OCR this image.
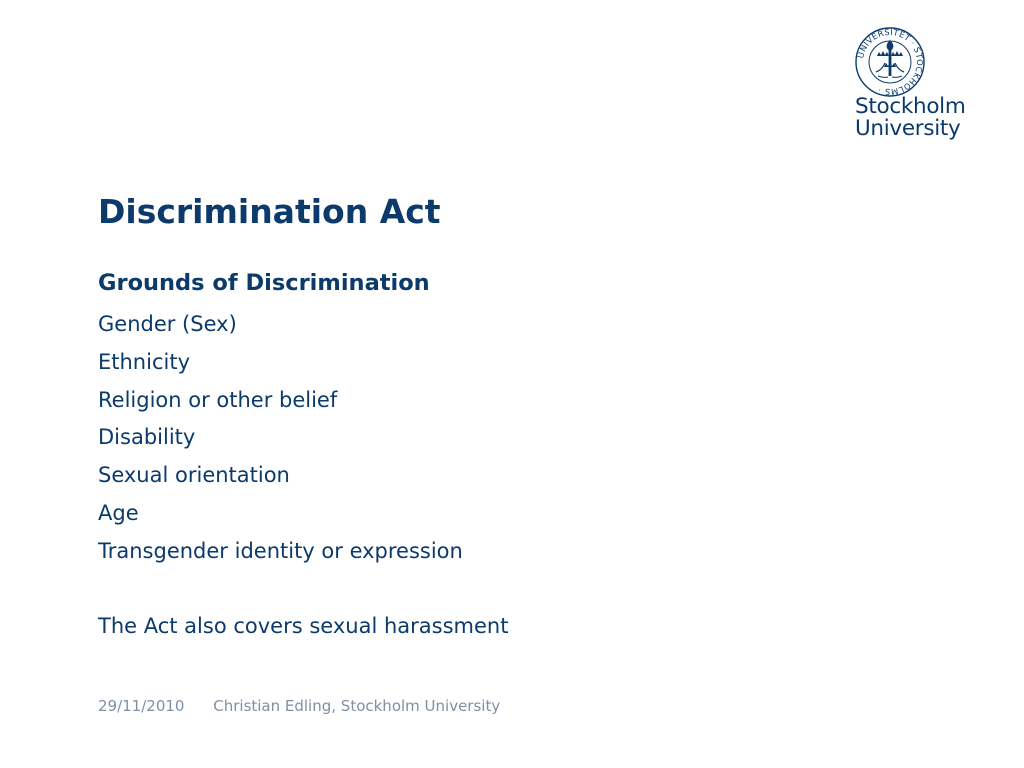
UNIVERSITET · STOCKHOLMS ·
Stockholm
University
Discrimination Act
Grounds of Discrimination
Gender (Sex)
Ethnicity
Religion or other belief
Disability
Sexual orientation
Age
Transgender identity or expression

The Act also covers sexual harassment

29/11/2010 Christian Edling, Stockholm University
